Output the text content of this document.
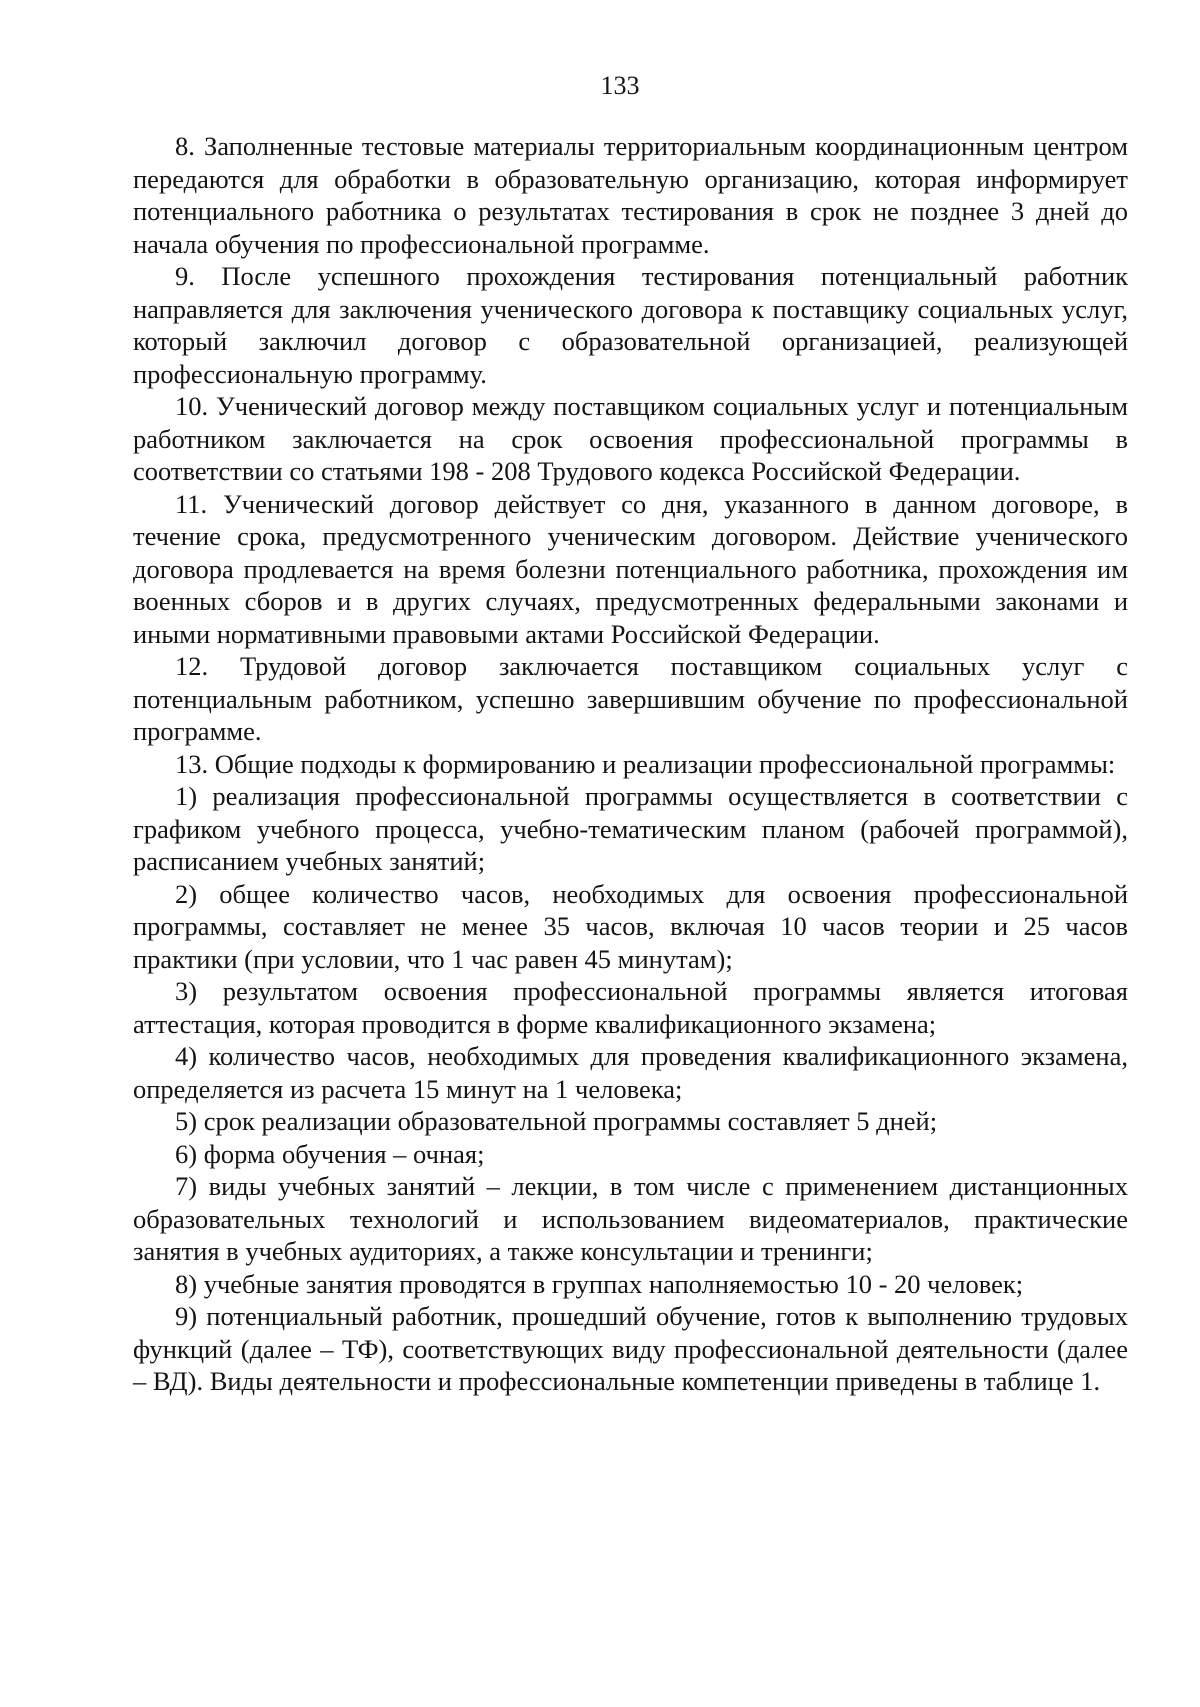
133

8. Заполненные тестовые материалы территориальным координационным центром передаются для обработки в образовательную организацию, которая информирует потенциального работника о результатах тестирования в срок не позднее 3 дней до начала обучения по профессиональной программе.

9. После успешного прохождения тестирования потенциальный работник направляется для заключения ученического договора к поставщику социальных услуг, который заключил договор с образовательной организацией, реализующей профессиональную программу.

10. Ученический договор между поставщиком социальных услуг и потенциальным работником заключается на срок освоения профессиональной программы в соответствии со статьями 198 - 208 Трудового кодекса Российской Федерации.

11. Ученический договор действует со дня, указанного в данном договоре, в течение срока, предусмотренного ученическим договором. Действие ученического договора продлевается на время болезни потенциального работника, прохождения им военных сборов и в других случаях, предусмотренных федеральными законами и иными нормативными правовыми актами Российской Федерации.

12. Трудовой договор заключается поставщиком социальных услуг с потенциальным работником, успешно завершившим обучение по профессиональной программе.

13. Общие подходы к формированию и реализации профессиональной программы:

1) реализация профессиональной программы осуществляется в соответствии с графиком учебного процесса, учебно-тематическим планом (рабочей программой), расписанием учебных занятий;

2) общее количество часов, необходимых для освоения профессиональной программы, составляет не менее 35 часов, включая 10 часов теории и 25 часов практики (при условии, что 1 час равен 45 минутам);

3) результатом освоения профессиональной программы является итоговая аттестация, которая проводится в форме квалификационного экзамена;

4) количество часов, необходимых для проведения квалификационного экзамена, определяется из расчета 15 минут на 1 человека;

5) срок реализации образовательной программы составляет 5 дней;

6) форма обучения – очная;

7) виды учебных занятий – лекции, в том числе с применением дистанционных образовательных технологий и использованием видеоматериалов, практические занятия в учебных аудиториях, а также консультации и тренинги;

8) учебные занятия проводятся в группах наполняемостью 10 - 20 человек;

9) потенциальный работник, прошедший обучение, готов к выполнению трудовых функций (далее – ТФ), соответствующих виду профессиональной деятельности (далее – ВД). Виды деятельности и профессиональные компетенции приведены в таблице 1.
